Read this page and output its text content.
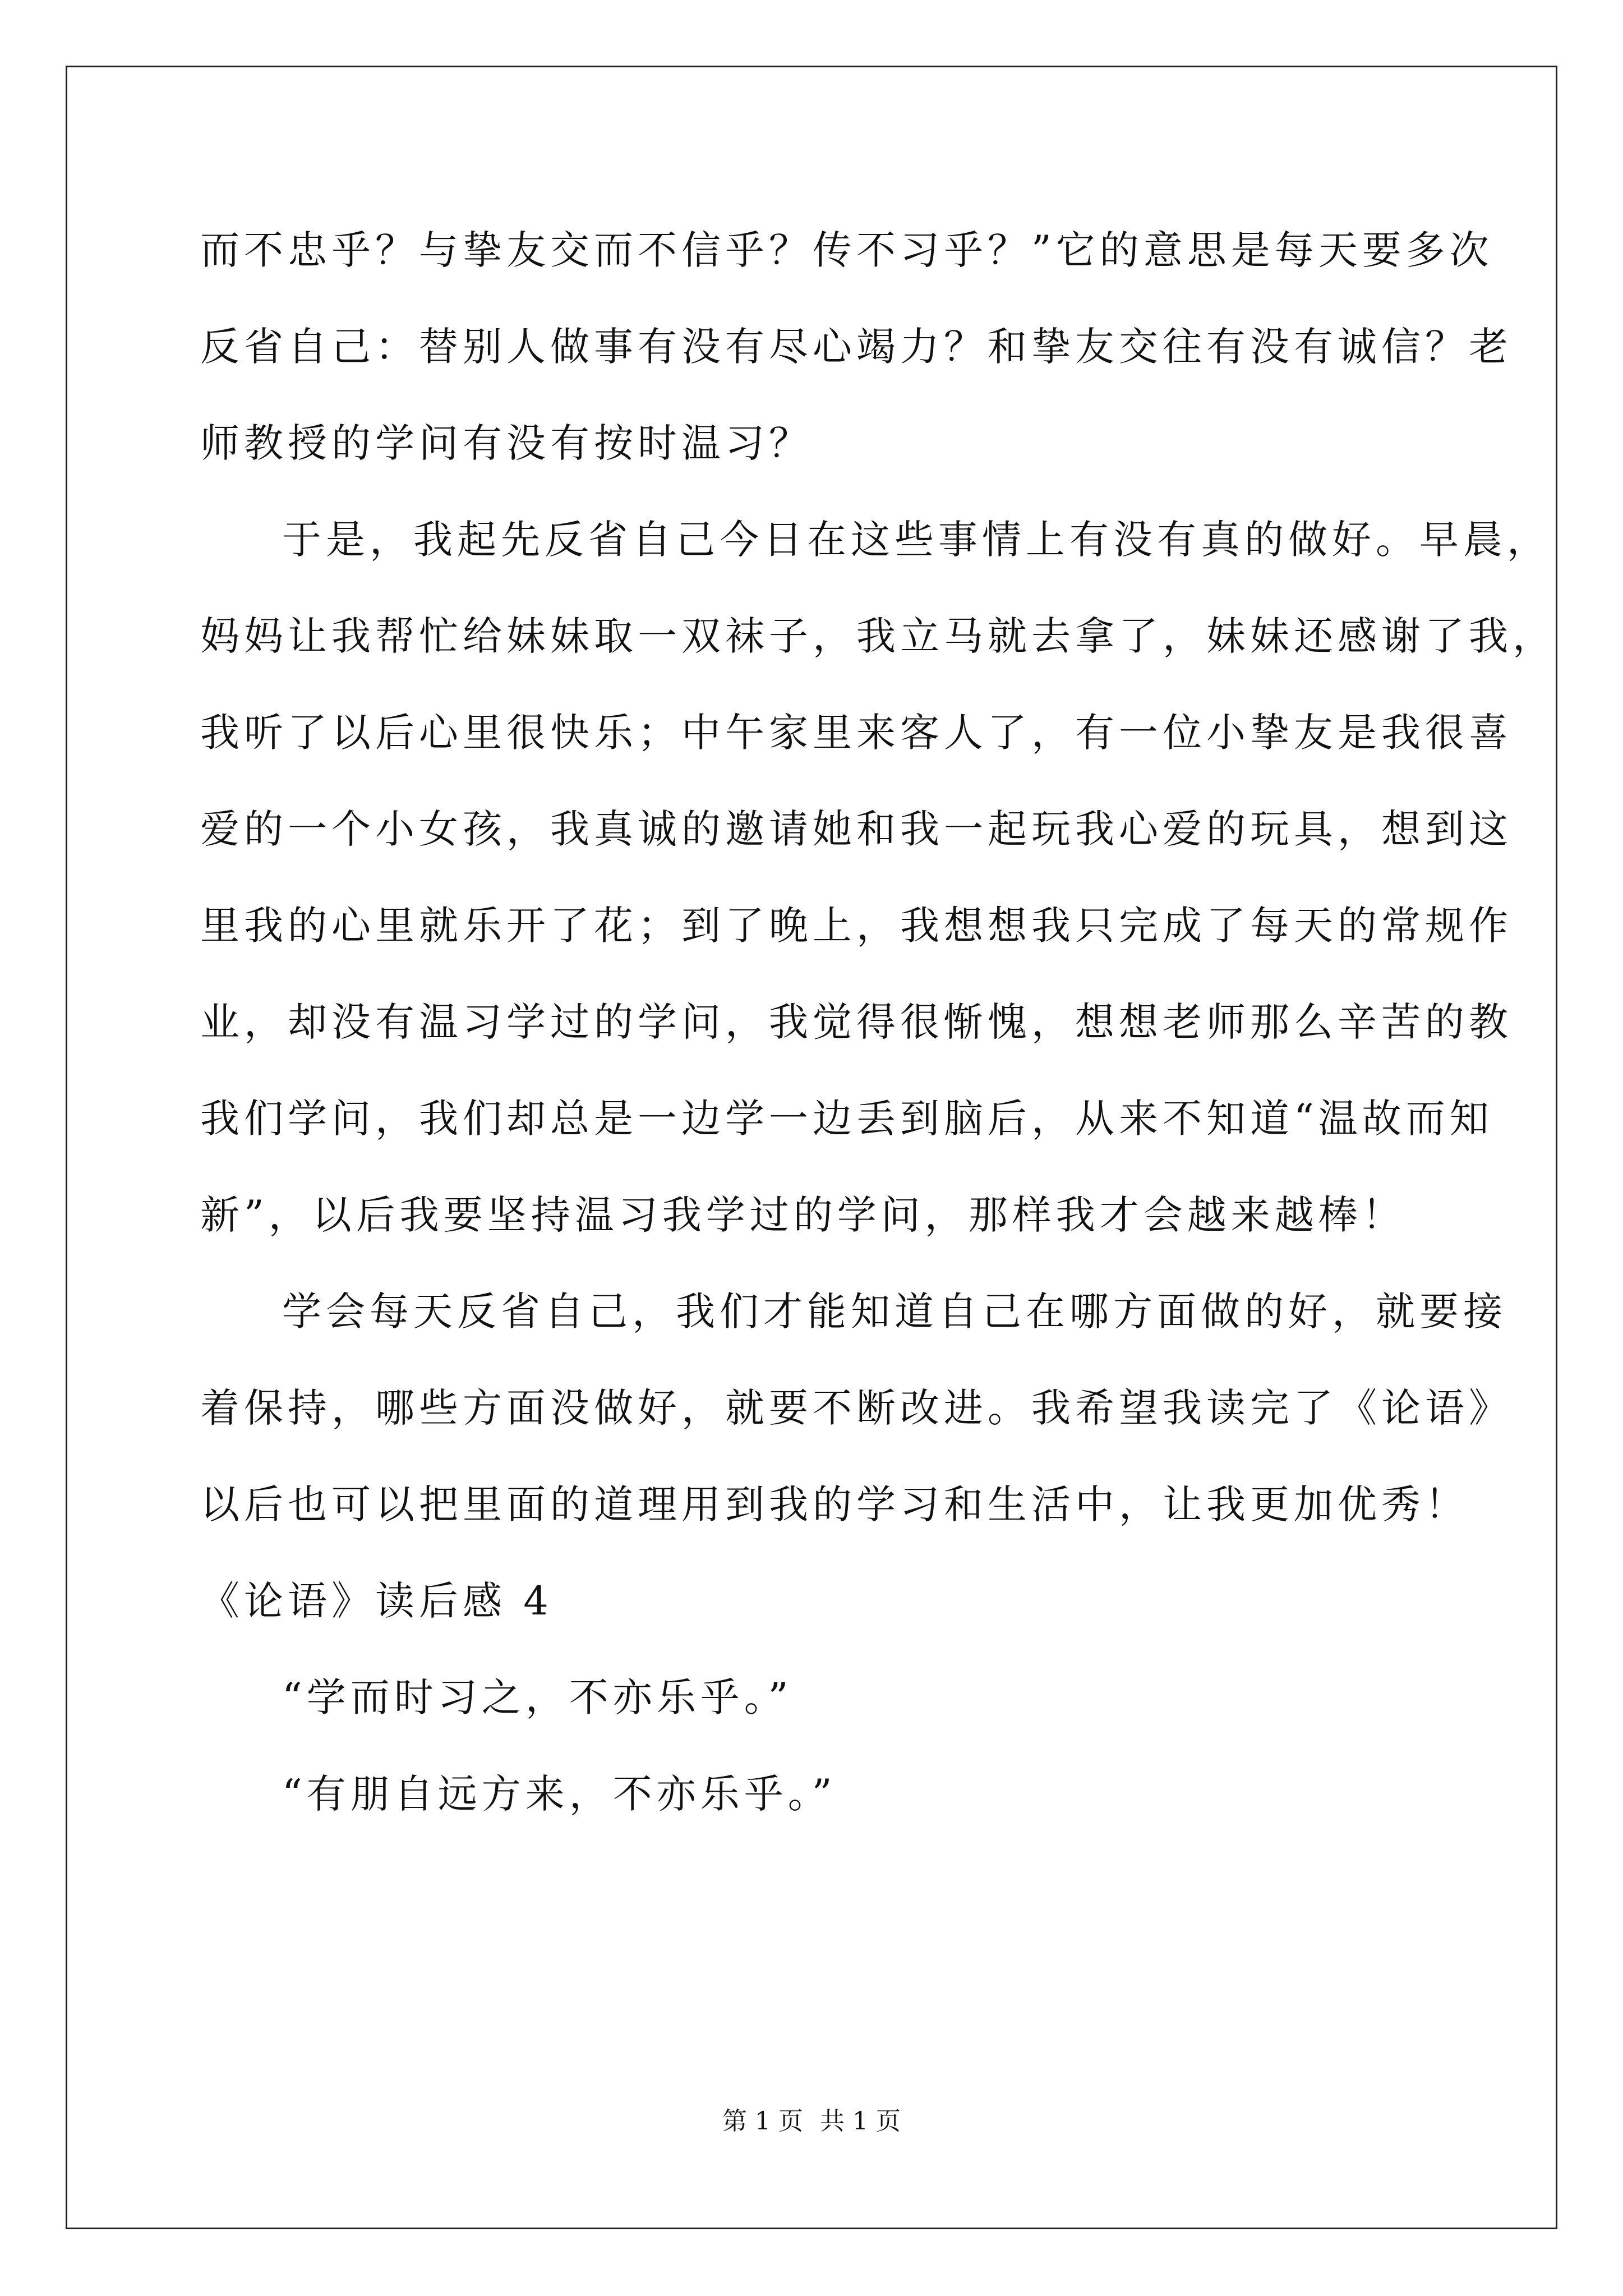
而不忠乎？与挚友交而不信乎？传不习乎？”它的意思是每天要多次
反省自己：替别人做事有没有尽心竭力？和挚友交往有没有诚信？老
师教授的学问有没有按时温习？
于是，我起先反省自己今日在这些事情上有没有真的做好。早晨，
妈妈让我帮忙给妹妹取一双袜子，我立马就去拿了，妹妹还感谢了我，
我听了以后心里很快乐；中午家里来客人了，有一位小挚友是我很喜
爱的一个小女孩，我真诚的邀请她和我一起玩我心爱的玩具，想到这
里我的心里就乐开了花；到了晚上，我想想我只完成了每天的常规作
业，却没有温习学过的学问，我觉得很惭愧，想想老师那么辛苦的教
我们学问，我们却总是一边学一边丢到脑后，从来不知道“温故而知
新”，以后我要坚持温习我学过的学问，那样我才会越来越棒！
学会每天反省自己，我们才能知道自己在哪方面做的好，就要接
着保持，哪些方面没做好，就要不断改进。我希望我读完了《论语》
以后也可以把里面的道理用到我的学习和生活中，让我更加优秀！
《论语》读后感 4
“学而时习之，不亦乐乎。”
“有朋自远方来，不亦乐乎。”
第 1 页 共 1 页
